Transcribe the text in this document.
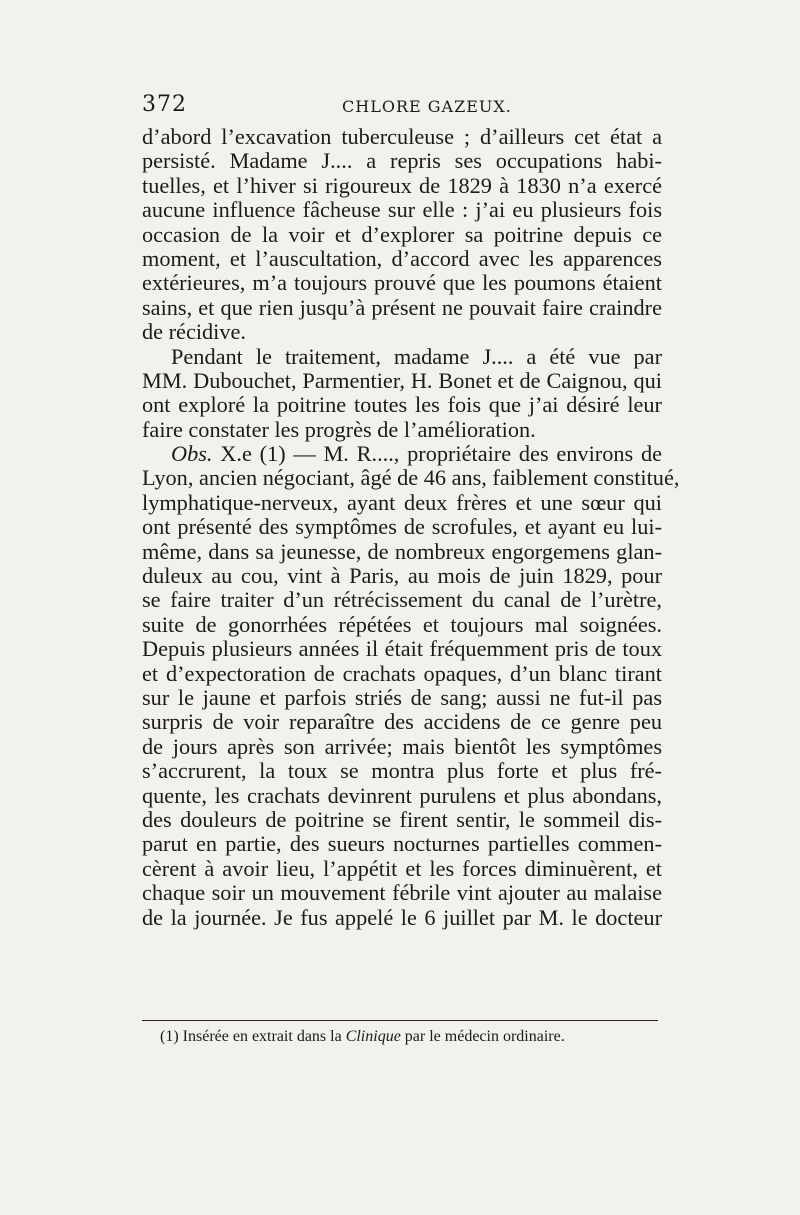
372	CHLORE GAZEUX.
d’abord l’excavation tuberculeuse ; d’ailleurs cet état a
persisté. Madame J.... a repris ses occupations habi-
tuelles, et l’hiver si rigoureux de 1829 à 1830 n’a exercé
aucune influence fâcheuse sur elle : j’ai eu plusieurs fois
occasion de la voir et d’explorer sa poitrine depuis ce
moment, et l’auscultation, d’accord avec les apparences
extérieures, m’a toujours prouvé que les poumons étaient
sains, et que rien jusqu’à présent ne pouvait faire craindre
de récidive.
Pendant le traitement, madame J.... a été vue par
MM. Dubouchet, Parmentier, H. Bonet et de Caignou, qui
ont exploré la poitrine toutes les fois que j’ai désiré leur
faire constater les progrès de l’amélioration.
Obs. X.e (1) — M. R...., propriétaire des environs de
Lyon, ancien négociant, âgé de 46 ans, faiblement constitué,
lymphatique-nerveux, ayant deux frères et une sœur qui
ont présenté des symptômes de scrofules, et ayant eu lui-
même, dans sa jeunesse, de nombreux engorgemens glan-
duleux au cou, vint à Paris, au mois de juin 1829, pour
se faire traiter d’un rétrécissement du canal de l’urètre,
suite de gonorrhées répétées et toujours mal soignées.
Depuis plusieurs années il était fréquemment pris de toux
et d’expectoration de crachats opaques, d’un blanc tirant
sur le jaune et parfois striés de sang; aussi ne fut-il pas
surpris de voir reparaître des accidens de ce genre peu
de jours après son arrivée; mais bientôt les symptômes
s’accrurent, la toux se montra plus forte et plus fré-
quente, les crachats devinrent purulens et plus abondans,
des douleurs de poitrine se firent sentir, le sommeil dis-
parut en partie, des sueurs nocturnes partielles commen-
cèrent à avoir lieu, l’appétit et les forces diminuèrent, et
chaque soir un mouvement fébrile vint ajouter au malaise
de la journée. Je fus appelé le 6 juillet par M. le docteur
(1) Insérée en extrait dans la Clinique par le médecin ordinaire.
